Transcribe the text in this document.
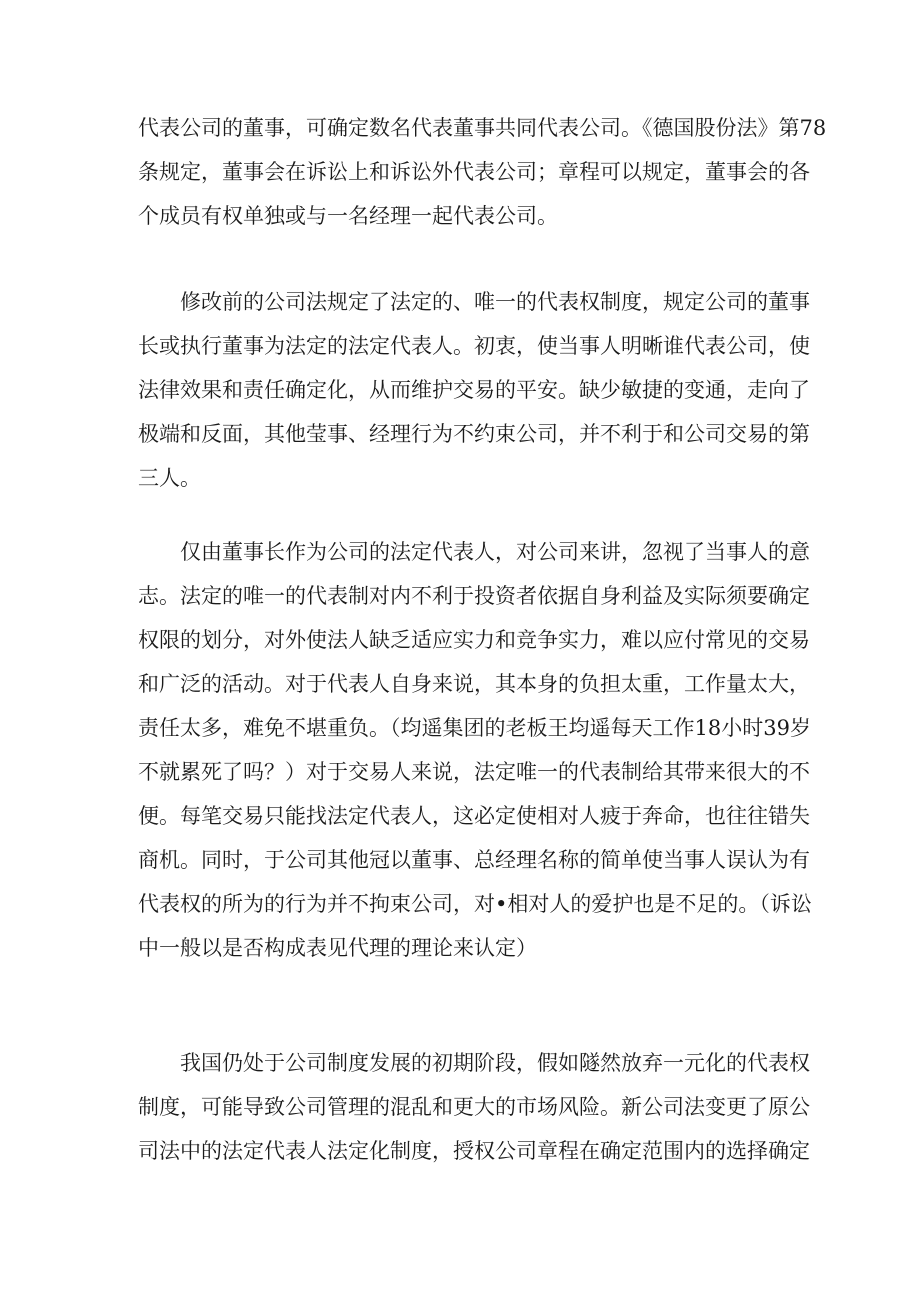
代表公司的董事，可确定数名代表董事共同代表公司。《德国股份法》第78
条规定，董事会在诉讼上和诉讼外代表公司；章程可以规定，董事会的各
个成员有权单独或与一名经理一起代表公司。
修改前的公司法规定了法定的、唯一的代表权制度，规定公司的董事
长或执行董事为法定的法定代表人。初衷，使当事人明晰谁代表公司，使
法律效果和责任确定化，从而维护交易的平安。缺少敏捷的变通，走向了
极端和反面，其他莹事、经理行为不约束公司，并不利于和公司交易的第
三人。
仅由董事长作为公司的法定代表人，对公司来讲，忽视了当事人的意
志。法定的唯一的代表制对内不利于投资者依据自身利益及实际须要确定
权限的划分，对外使法人缺乏适应实力和竞争实力，难以应付常见的交易
和广泛的活动。对于代表人自身来说，其本身的负担太重，工作量太大，
责任太多，难免不堪重负。（均遥集团的老板王均遥每天工作18小时39岁
不就累死了吗？）对于交易人来说，法定唯一的代表制给其带来很大的不
便。每笔交易只能找法定代表人，这必定使相对人疲于奔命，也往往错失
商机。同时，于公司其他冠以董事、总经理名称的简单使当事人误认为有
代表权的所为的行为并不拘束公司，对•相对人的爱护也是不足的。（诉讼
中一般以是否构成表见代理的理论来认定）
我国仍处于公司制度发展的初期阶段，假如隧然放弃一元化的代表权
制度，可能导致公司管理的混乱和更大的市场风险。新公司法变更了原公
司法中的法定代表人法定化制度，授权公司章程在确定范围内的选择确定
